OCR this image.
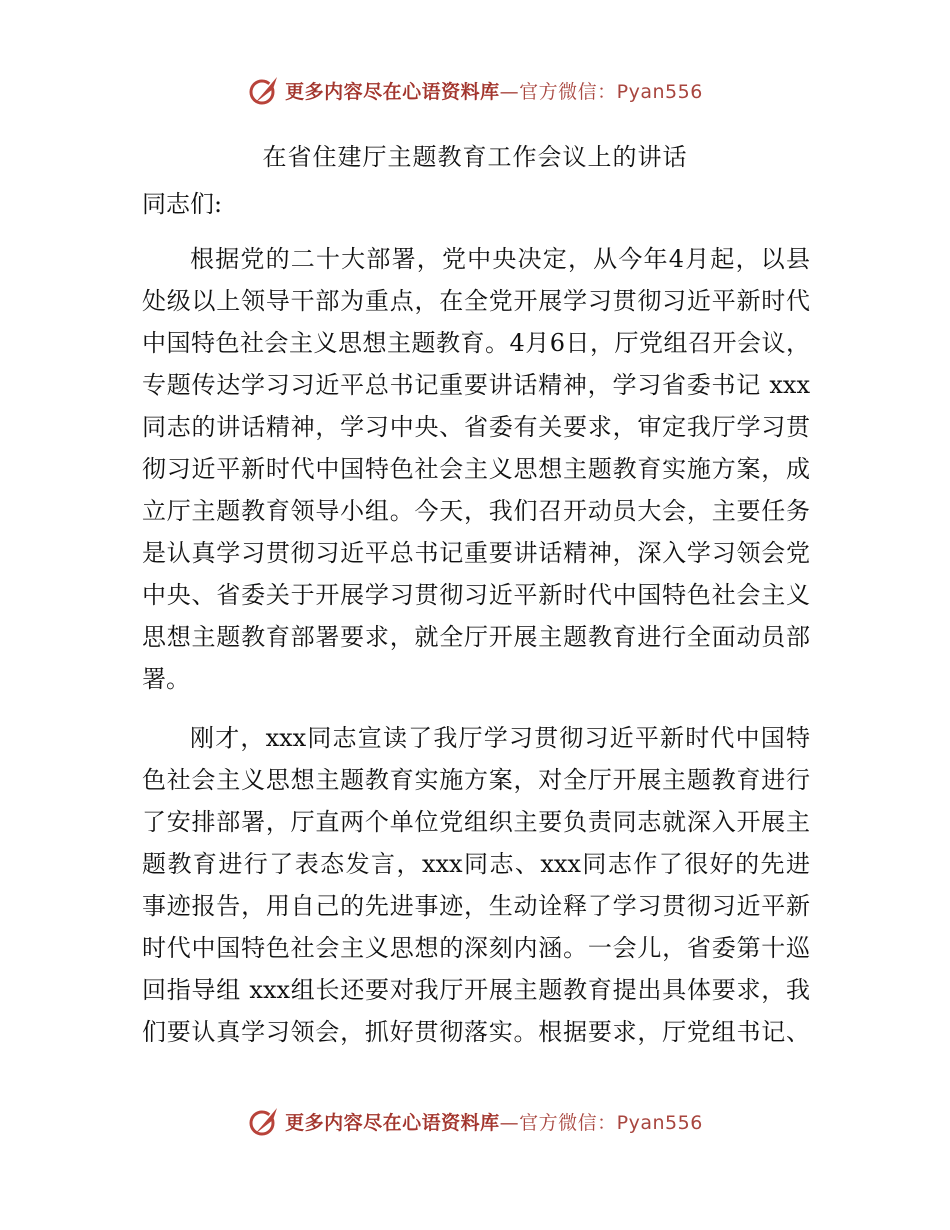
更多内容尽在心语资料库 —官方微信：Pyan556
在省住建厅主题教育工作会议上的讲话

同志们:

根据党的二十大部署，党中央决定，从今年4月起，以县
处级以上领导干部为重点，在全党开展学习贯彻习近平新时代
中国特色社会主义思想主题教育。4月6日，厅党组召开会议，
专题传达学习习近平总书记重要讲话精神，学习省委书记 xxx
同志的讲话精神，学习中央、省委有关要求，审定我厅学习贯
彻习近平新时代中国特色社会主义思想主题教育实施方案，成
立厅主题教育领导小组。今天，我们召开动员大会，主要任务
是认真学习贯彻习近平总书记重要讲话精神，深入学习领会党
中央、省委关于开展学习贯彻习近平新时代中国特色社会主义
思想主题教育部署要求，就全厅开展主题教育进行全面动员部
署。
刚才，xxx同志宣读了我厅学习贯彻习近平新时代中国特
色社会主义思想主题教育实施方案，对全厅开展主题教育进行
了安排部署，厅直两个单位党组织主要负责同志就深入开展主
题教育进行了表态发言，xxx同志、xxx同志作了很好的先进
事迹报告，用自己的先进事迹，生动诠释了学习贯彻习近平新
时代中国特色社会主义思想的深刻内涵。一会儿，省委第十巡
回指导组 xxx组长还要对我厅开展主题教育提出具体要求，我
们要认真学习领会，抓好贯彻落实。根据要求，厅党组书记、
更多内容尽在心语资料库 —官方微信：Pyan556
